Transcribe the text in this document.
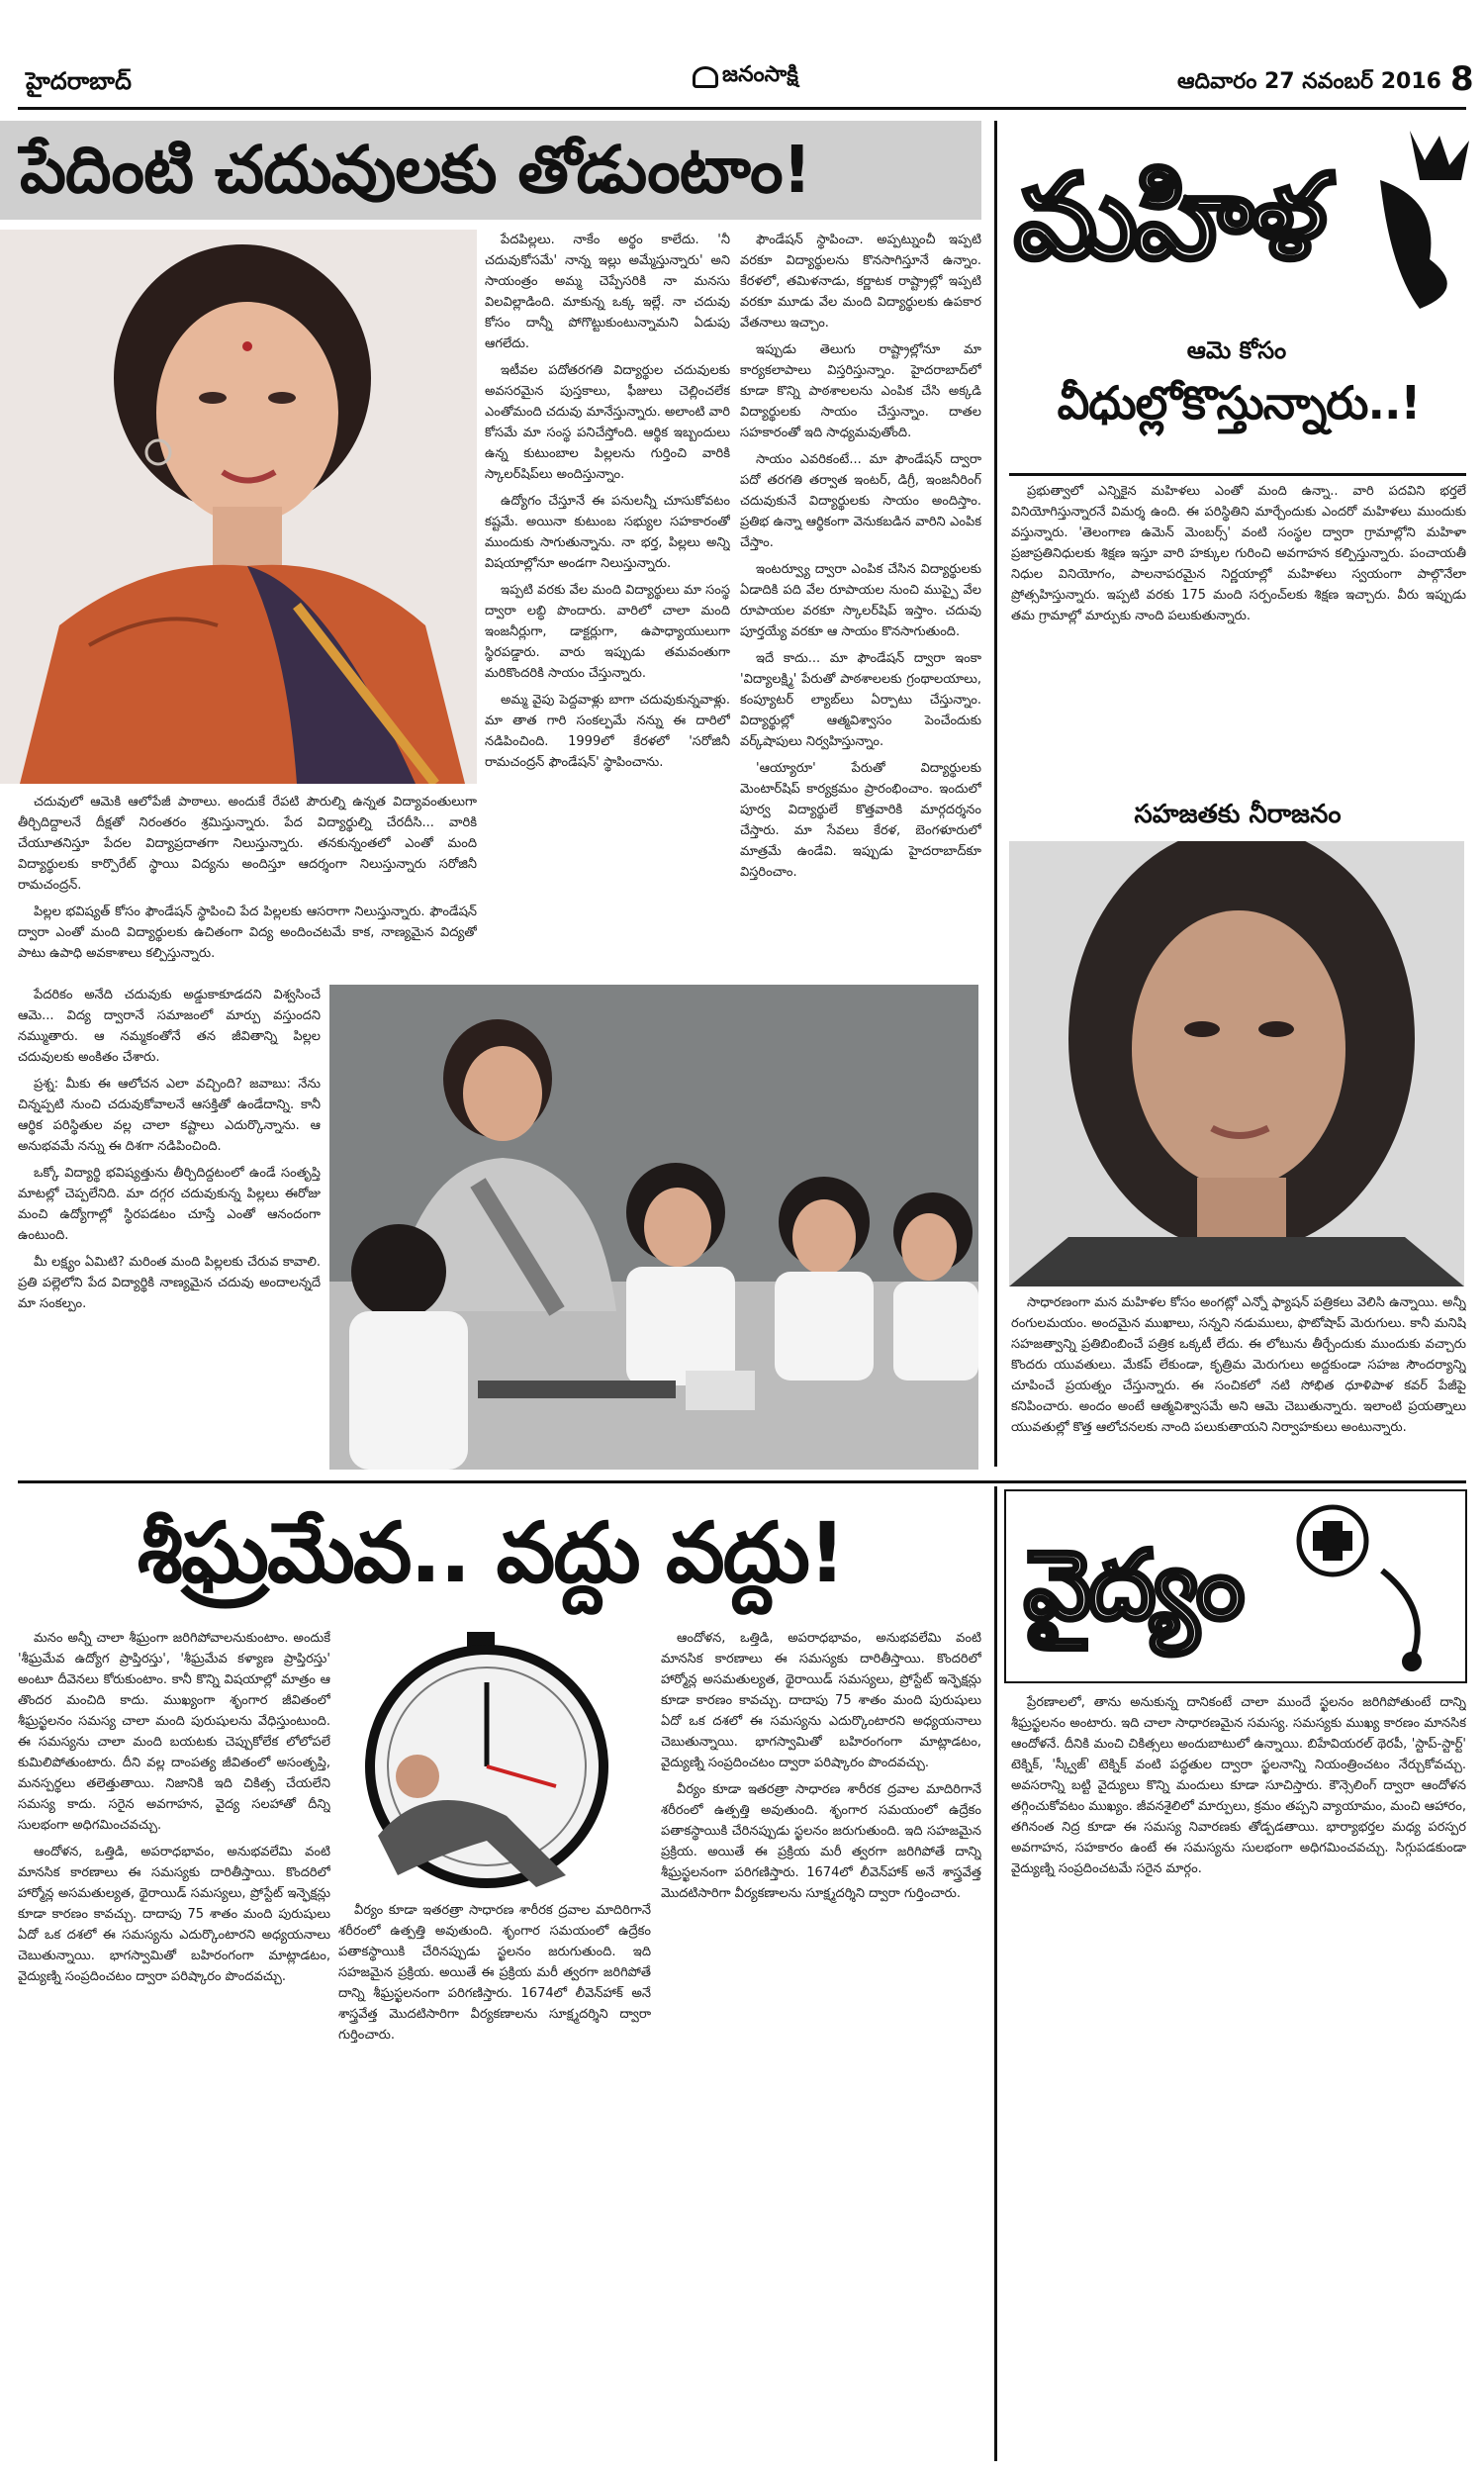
హైదరాబాద్	జనంసాక్షి	ఆదివారం 27 నవంబర్ 2016 8
పేదింటి చదువులకు తోడుంటాం!

పేదపిల్లలు. నాకేం అర్థం కాలేదు. 'నీ చదువుకోసమే' నాన్న ఇల్లు అమ్మేస్తున్నారు' అని సాయంత్రం అమ్మ చెప్పేసరికి నా మనసు విలవిల్లాడింది. మాకున్న ఒక్క ఇల్లే. నా చదువు కోసం దాన్నీ పోగొట్టుకుంటున్నామని ఏడుపు ఆగలేదు.

ఇటీవల పదోతరగతి విద్యార్థుల చదువులకు అవసరమైన పుస్తకాలు, ఫీజులు చెల్లించలేక ఎంతోమంది చదువు మానేస్తున్నారు. అలాంటి వారి కోసమే మా సంస్థ పనిచేస్తోంది. ఆర్థిక ఇబ్బందులు ఉన్న కుటుంబాల పిల్లలను గుర్తించి వారికి స్కాలర్‌షిప్‌లు అందిస్తున్నాం.

ఉద్యోగం చేస్తూనే ఈ పనులన్నీ చూసుకోవటం కష్టమే. అయినా కుటుంబ సభ్యుల సహకారంతో ముందుకు సాగుతున్నాను. నా భర్త, పిల్లలు అన్ని విషయాల్లోనూ అండగా నిలుస్తున్నారు.

ఇప్పటి వరకు వేల మంది విద్యార్థులు మా సంస్థ ద్వారా లబ్ధి పొందారు. వారిలో చాలా మంది ఇంజనీర్లుగా, డాక్టర్లుగా, ఉపాధ్యాయులుగా స్థిరపడ్డారు. వారు ఇప్పుడు తమవంతుగా మరికొందరికి సాయం చేస్తున్నారు.

అమ్మ వైపు పెద్దవాళ్లు బాగా చదువుకున్నవాళ్లు. మా తాత గారి సంకల్పమే నన్ను ఈ దారిలో నడిపించింది. 1999లో కేరళలో 'సరోజినీ రామచంద్రన్ ఫౌండేషన్' స్థాపించాను.

ఫౌండేషన్ స్థాపించా. అప్పట్నుంచీ ఇప్పటి వరకూ విద్యార్థులను కొనసాగిస్తూనే ఉన్నాం. కేరళలో, తమిళనాడు, కర్ణాటక రాష్ట్రాల్లో ఇప్పటి వరకూ మూడు వేల మంది విద్యార్థులకు ఉపకార వేతనాలు ఇచ్చాం.

ఇప్పుడు తెలుగు రాష్ట్రాల్లోనూ మా కార్యకలాపాలు విస్తరిస్తున్నాం. హైదరాబాద్‌లో కూడా కొన్ని పాఠశాలలను ఎంపిక చేసి అక్కడి విద్యార్థులకు సాయం చేస్తున్నాం. దాతల సహకారంతో ఇది సాధ్యమవుతోంది.

సాయం ఎవరికంటే... మా ఫౌండేషన్ ద్వారా పదో తరగతి తర్వాత ఇంటర్, డిగ్రీ, ఇంజనీరింగ్ చదువుకునే విద్యార్థులకు సాయం అందిస్తాం. ప్రతిభ ఉన్నా ఆర్థికంగా వెనుకబడిన వారిని ఎంపిక చేస్తాం.

ఇంటర్వ్యూ ద్వారా ఎంపిక చేసిన విద్యార్థులకు ఏడాదికి పది వేల రూపాయల నుంచి ముప్పై వేల రూపాయల వరకూ స్కాలర్‌షిప్ ఇస్తాం. చదువు పూర్తయ్యే వరకూ ఆ సాయం కొనసాగుతుంది.

ఇదే కాదు... మా ఫౌండేషన్ ద్వారా ఇంకా 'విద్యాలక్ష్మి' పేరుతో పాఠశాలలకు గ్రంథాలయాలు, కంప్యూటర్ ల్యాబ్‌లు ఏర్పాటు చేస్తున్నాం. విద్యార్థుల్లో ఆత్మవిశ్వాసం పెంచేందుకు వర్క్‌షాపులు నిర్వహిస్తున్నాం.

'ఆయ్యారూ' పేరుతో విద్యార్థులకు మెంటార్‌షిప్ కార్యక్రమం ప్రారంభించాం. ఇందులో పూర్వ విద్యార్థులే కొత్తవారికి మార్గదర్శనం చేస్తారు. మా సేవలు కేరళ, బెంగళూరులో మాత్రమే ఉండేవి. ఇప్పుడు హైదరాబాద్‌కూ విస్తరించాం.

చదువులో ఆమెకి ఆలోపేజీ పాఠాలు. అందుకే రేపటి పౌరుల్ని ఉన్నత విద్యావంతులుగా తీర్చిదిద్దాలనే దీక్షతో నిరంతరం శ్రమిస్తున్నారు. పేద విద్యార్థుల్ని చేరదీసి... వారికి చేయూతనిస్తూ పేదల విద్యాప్రదాతగా నిలుస్తున్నారు. తనకున్నంతలో ఎంతో మంది విద్యార్థులకు కార్పొరేట్ స్థాయి విద్యను అందిస్తూ ఆదర్శంగా నిలుస్తున్నారు సరోజినీ రామచంద్రన్.

పిల్లల భవిష్యత్ కోసం ఫౌండేషన్ స్థాపించి పేద పిల్లలకు ఆసరాగా నిలుస్తున్నారు. ఫౌండేషన్ ద్వారా ఎంతో మంది విద్యార్థులకు ఉచితంగా విద్య అందించటమే కాక, నాణ్యమైన విద్యతో పాటు ఉపాధి అవకాశాలు కల్పిస్తున్నారు.

పేదరికం అనేది చదువుకు అడ్డుకాకూడదని విశ్వసించే ఆమె... విద్య ద్వారానే సమాజంలో మార్పు వస్తుందని నమ్ముతారు. ఆ నమ్మకంతోనే తన జీవితాన్ని పిల్లల చదువులకు అంకితం చేశారు.

ప్రశ్న: మీకు ఈ ఆలోచన ఎలా వచ్చింది? జవాబు: నేను చిన్నప్పటి నుంచి చదువుకోవాలనే ఆసక్తితో ఉండేదాన్ని. కానీ ఆర్థిక పరిస్థితుల వల్ల చాలా కష్టాలు ఎదుర్కొన్నాను. ఆ అనుభవమే నన్ను ఈ దిశగా నడిపించింది.

ఒక్కో విద్యార్థి భవిష్యత్తును తీర్చిదిద్దటంలో ఉండే సంతృప్తి మాటల్లో చెప్పలేనిది. మా దగ్గర చదువుకున్న పిల్లలు ఈరోజు మంచి ఉద్యోగాల్లో స్థిరపడటం చూస్తే ఎంతో ఆనందంగా ఉంటుంది.

మీ లక్ష్యం ఏమిటి? మరింత మంది పిల్లలకు చేరువ కావాలి. ప్రతి పల్లెలోని పేద విద్యార్థికి నాణ్యమైన చదువు అందాలన్నదే మా సంకల్పం.

మహిళ
ఆమె కోసం
వీధుల్లోకొస్తున్నారు..!

ప్రభుత్వాలో ఎన్నికైన మహిళలు ఎంతో మంది ఉన్నా.. వారి పదవిని భర్తలే వినియోగిస్తున్నారనే విమర్శ ఉంది. ఈ పరిస్థితిని మార్చేందుకు ఎందరో మహిళలు ముందుకు వస్తున్నారు. 'తెలంగాణ ఉమెన్ మెంబర్స్' వంటి సంస్థల ద్వారా గ్రామాల్లోని మహిళా ప్రజాప్రతినిధులకు శిక్షణ ఇస్తూ వారి హక్కుల గురించి అవగాహన కల్పిస్తున్నారు. పంచాయతీ నిధుల వినియోగం, పాలనాపరమైన నిర్ణయాల్లో మహిళలు స్వయంగా పాల్గొనేలా ప్రోత్సహిస్తున్నారు. ఇప్పటి వరకు 175 మంది సర్పంచ్‌లకు శిక్షణ ఇచ్చారు. వీరు ఇప్పుడు తమ గ్రామాల్లో మార్పుకు నాంది పలుకుతున్నారు.

సహజతకు నీరాజనం

సాధారణంగా మన మహిళల కోసం అంగట్లో ఎన్నో ఫ్యాషన్ పత్రికలు వెలిసి ఉన్నాయి. అన్నీ రంగులమయం. అందమైన ముఖాలు, సన్నని నడుములు, ఫొటోషాప్ మెరుగులు. కానీ మనిషి సహజత్వాన్ని ప్రతిబింబించే పత్రిక ఒక్కటీ లేదు. ఈ లోటును తీర్చేందుకు ముందుకు వచ్చారు కొందరు యువతులు. మేకప్ లేకుండా, కృత్రిమ మెరుగులు అద్దకుండా సహజ సౌందర్యాన్ని చూపించే ప్రయత్నం చేస్తున్నారు. ఈ సంచికలో నటి సోభిత ధూళిపాళ కవర్ పేజీపై కనిపించారు. అందం అంటే ఆత్మవిశ్వాసమే అని ఆమె చెబుతున్నారు. ఇలాంటి ప్రయత్నాలు యువతుల్లో కొత్త ఆలోచనలకు నాంది పలుకుతాయని నిర్వాహకులు అంటున్నారు.

శీఘ్రమేవ.. వద్దు వద్దు!

మనం అన్నీ చాలా శీఘ్రంగా జరిగిపోవాలనుకుంటాం. అందుకే 'శీఘ్రమేవ ఉద్యోగ ప్రాప్తిరస్తు', 'శీఘ్రమేవ కళ్యాణ ప్రాప్తిరస్తు' అంటూ దీవెనలు కోరుకుంటాం. కానీ కొన్ని విషయాల్లో మాత్రం ఆ తొందర మంచిది కాదు. ముఖ్యంగా శృంగార జీవితంలో శీఘ్రస్ఖలనం సమస్య చాలా మంది పురుషులను వేధిస్తుంటుంది. ఈ సమస్యను చాలా మంది బయటకు చెప్పుకోలేక లోలోపలే కుమిలిపోతుంటారు. దీని వల్ల దాంపత్య జీవితంలో అసంతృప్తి, మనస్పర్థలు తలెత్తుతాయి. నిజానికి ఇది చికిత్స చేయలేని సమస్య కాదు. సరైన అవగాహన, వైద్య సలహాతో దీన్ని సులభంగా అధిగమించవచ్చు.

ఆందోళన, ఒత్తిడి, అపరాధభావం, అనుభవలేమి వంటి మానసిక కారణాలు ఈ సమస్యకు దారితీస్తాయి. కొందరిలో హార్మోన్ల అసమతుల్యత, థైరాయిడ్ సమస్యలు, ప్రోస్టేట్ ఇన్ఫెక్షన్లు కూడా కారణం కావచ్చు. దాదాపు 75 శాతం మంది పురుషులు ఏదో ఒక దశలో ఈ సమస్యను ఎదుర్కొంటారని అధ్యయనాలు చెబుతున్నాయి. భాగస్వామితో బహిరంగంగా మాట్లాడటం, వైద్యుణ్ని సంప్రదించటం ద్వారా పరిష్కారం పొందవచ్చు.

వీర్యం కూడా ఇతరత్రా సాధారణ శారీరక ద్రవాల మాదిరిగానే శరీరంలో ఉత్పత్తి అవుతుంది. శృంగార సమయంలో ఉద్రేకం పతాకస్థాయికి చేరినప్పుడు స్ఖలనం జరుగుతుంది. ఇది సహజమైన ప్రక్రియ. అయితే ఈ ప్రక్రియ మరీ త్వరగా జరిగిపోతే దాన్ని శీఘ్రస్ఖలనంగా పరిగణిస్తారు. 1674లో లీవెన్‌హాక్ అనే శాస్త్రవేత్త మొదటిసారిగా వీర్యకణాలను సూక్ష్మదర్శిని ద్వారా గుర్తించారు.

ఆందోళన, ఒత్తిడి, అపరాధభావం, అనుభవలేమి వంటి మానసిక కారణాలు ఈ సమస్యకు దారితీస్తాయి. కొందరిలో హార్మోన్ల అసమతుల్యత, థైరాయిడ్ సమస్యలు, ప్రోస్టేట్ ఇన్ఫెక్షన్లు కూడా కారణం కావచ్చు. దాదాపు 75 శాతం మంది పురుషులు ఏదో ఒక దశలో ఈ సమస్యను ఎదుర్కొంటారని అధ్యయనాలు చెబుతున్నాయి. భాగస్వామితో బహిరంగంగా మాట్లాడటం, వైద్యుణ్ని సంప్రదించటం ద్వారా పరిష్కారం పొందవచ్చు.

వీర్యం కూడా ఇతరత్రా సాధారణ శారీరక ద్రవాల మాదిరిగానే శరీరంలో ఉత్పత్తి అవుతుంది. శృంగార సమయంలో ఉద్రేకం పతాకస్థాయికి చేరినప్పుడు స్ఖలనం జరుగుతుంది. ఇది సహజమైన ప్రక్రియ. అయితే ఈ ప్రక్రియ మరీ త్వరగా జరిగిపోతే దాన్ని శీఘ్రస్ఖలనంగా పరిగణిస్తారు. 1674లో లీవెన్‌హాక్ అనే శాస్త్రవేత్త మొదటిసారిగా వీర్యకణాలను సూక్ష్మదర్శిని ద్వారా గుర్తించారు.

వైద్యం

ప్రేరణాలలో, తాను అనుకున్న దానికంటే చాలా ముందే స్ఖలనం జరిగిపోతుంటే దాన్ని శీఘ్రస్ఖలనం అంటారు. ఇది చాలా సాధారణమైన సమస్య. సమస్యకు ముఖ్య కారణం మానసిక ఆందోళనే. దీనికి మంచి చికిత్సలు అందుబాటులో ఉన్నాయి. బిహేవియరల్ థెరపీ, 'స్టాప్-స్టార్ట్' టెక్నిక్, 'స్క్వీజ్' టెక్నిక్ వంటి పద్ధతుల ద్వారా స్ఖలనాన్ని నియంత్రించటం నేర్చుకోవచ్చు. అవసరాన్ని బట్టి వైద్యులు కొన్ని మందులు కూడా సూచిస్తారు. కౌన్సెలింగ్ ద్వారా ఆందోళన తగ్గించుకోవటం ముఖ్యం. జీవనశైలిలో మార్పులు, క్రమం తప్పని వ్యాయామం, మంచి ఆహారం, తగినంత నిద్ర కూడా ఈ సమస్య నివారణకు తోడ్పడతాయి. భార్యాభర్తల మధ్య పరస్పర అవగాహన, సహకారం ఉంటే ఈ సమస్యను సులభంగా అధిగమించవచ్చు. సిగ్గుపడకుండా వైద్యుణ్ని సంప్రదించటమే సరైన మార్గం.
